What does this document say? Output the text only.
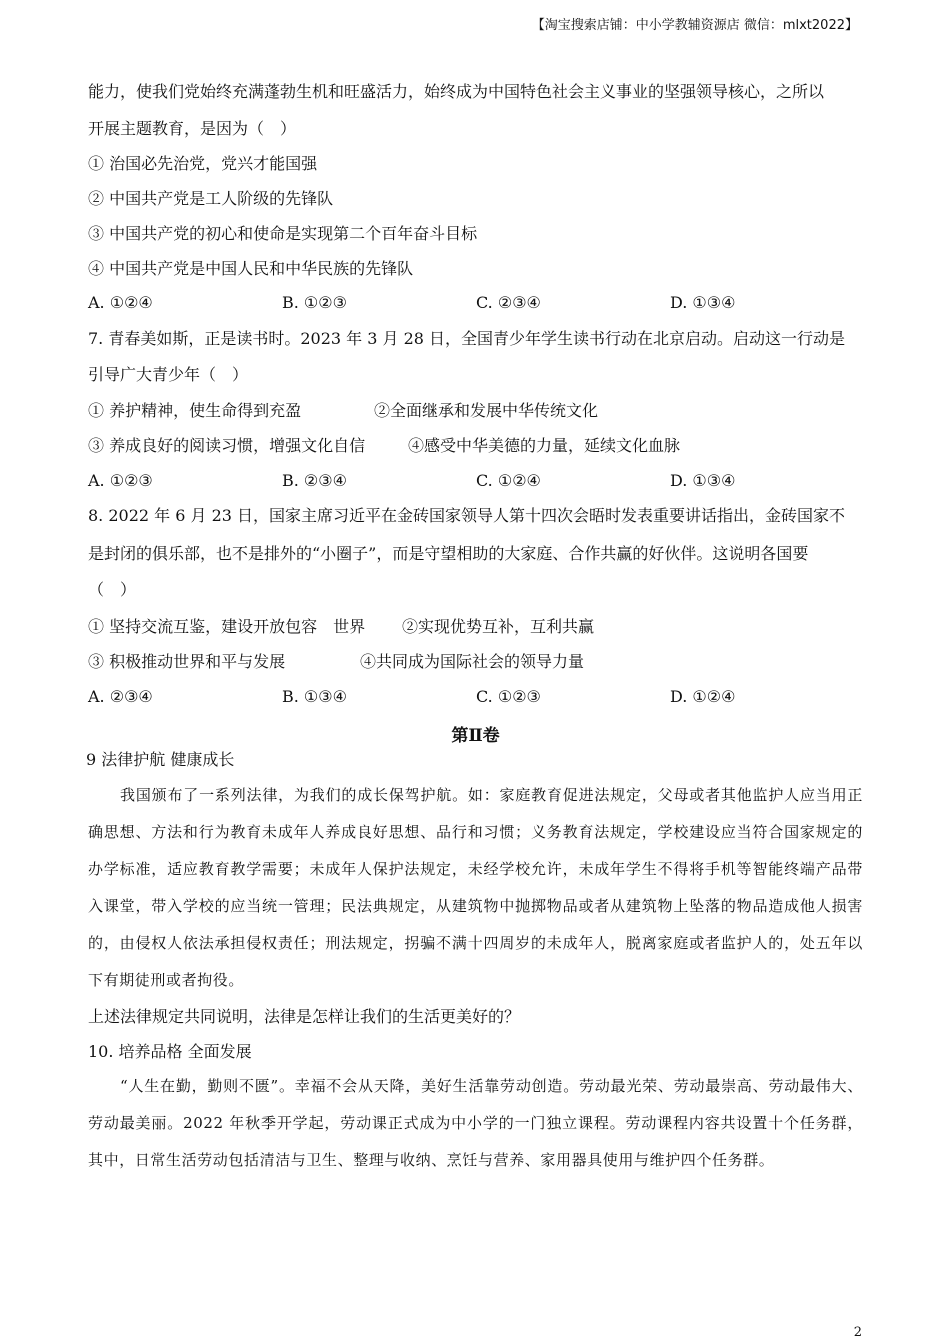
【淘宝搜索店铺：中小学教辅资源店 微信：mlxt2022】
能力，使我们党始终充满蓬勃生机和旺盛活力，始终成为中国特色社会主义事业的坚强领导核心，之所以
开展主题教育，是因为（　）
① 治国必先治党，党兴才能国强
② 中国共产党是工人阶级的先锋队
③ 中国共产党的初心和使命是实现第二个百年奋斗目标
④ 中国共产党是中国人民和中华民族的先锋队
A. ①②④	B. ①②③	C. ②③④	D. ①③④
7. 青春美如斯，正是读书时。2023 年 3 月 28 日，全国青少年学生读书行动在北京启动。启动这一行动是
引导广大青少年（　）
① 养护精神，使生命得到充盈	②全面继承和发展中华传统文化
③ 养成良好的阅读习惯，增强文化自信	④感受中华美德的力量，延续文化血脉
A. ①②③	B. ②③④	C. ①②④	D. ①③④
8. 2022 年 6 月 23 日，国家主席习近平在金砖国家领导人第十四次会晤时发表重要讲话指出，金砖国家不
是封闭的俱乐部，也不是排外的“小圈子”，而是守望相助的大家庭、合作共赢的好伙伴。这说明各国要
（　）
① 坚持交流互鉴，建设开放包容　世界 ②实现优势互补，互利共赢
③ 积极推动世界和平与发展	④共同成为国际社会的领导力量
A. ②③④	B. ①③④	C. ①②③	D. ①②④
第Ⅱ卷
9 法律护航 健康成长
我国颁布了一系列法律，为我们的成长保驾护航。如：家庭教育促进法规定，父母或者其他监护人应当用正确思想、方法和行为教育未成年人养成良好思想、品行和习惯；义务教育法规定，学校建设应当符合国家规定的办学标准，适应教育教学需要；未成年人保护法规定，未经学校允许，未成年学生不得将手机等智能终端产品带入课堂，带入学校的应当统一管理；民法典规定，从建筑物中抛掷物品或者从建筑物上坠落的物品造成他人损害的，由侵权人依法承担侵权责任；刑法规定，拐骗不满十四周岁的未成年人，脱离家庭或者监护人的，处五年以下有期徒刑或者拘役。
上述法律规定共同说明，法律是怎样让我们的生活更美好的？
10. 培养品格 全面发展
“人生在勤，勤则不匮”。幸福不会从天降，美好生活靠劳动创造。劳动最光荣、劳动最崇高、劳动最伟大、劳动最美丽。2022 年秋季开学起，劳动课正式成为中小学的一门独立课程。劳动课程内容共设置十个任务群，其中，日常生活劳动包括清洁与卫生、整理与收纳、烹饪与营养、家用器具使用与维护四个任务群。
2
